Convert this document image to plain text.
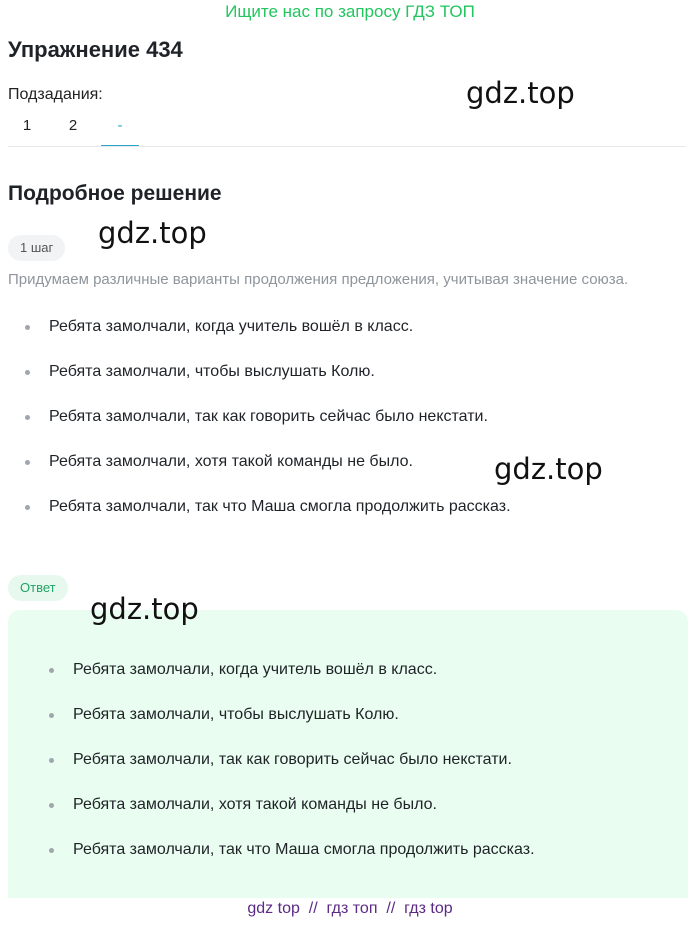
Ищите нас по запросу ГДЗ ТОП
Упражнение 434
Подзадания:
1	2	-
Подробное решение
1 шаг
Придумаем различные варианты продолжения предложения, учитывая значение союза.
Ребята замолчали, когда учитель вошёл в класс.
Ребята замолчали, чтобы выслушать Колю.
Ребята замолчали, так как говорить сейчас было некстати.
Ребята замолчали, хотя такой команды не было.
Ребята замолчали, так что Маша смогла продолжить рассказ.
Ответ
Ребята замолчали, когда учитель вошёл в класс.
Ребята замолчали, чтобы выслушать Колю.
Ребята замолчали, так как говорить сейчас было некстати.
Ребята замолчали, хотя такой команды не было.
Ребята замолчали, так что Маша смогла продолжить рассказ.
gdz.top
gdz.top
gdz.top
gdz.top
gdz top  //  гдз топ  //  гдз top
